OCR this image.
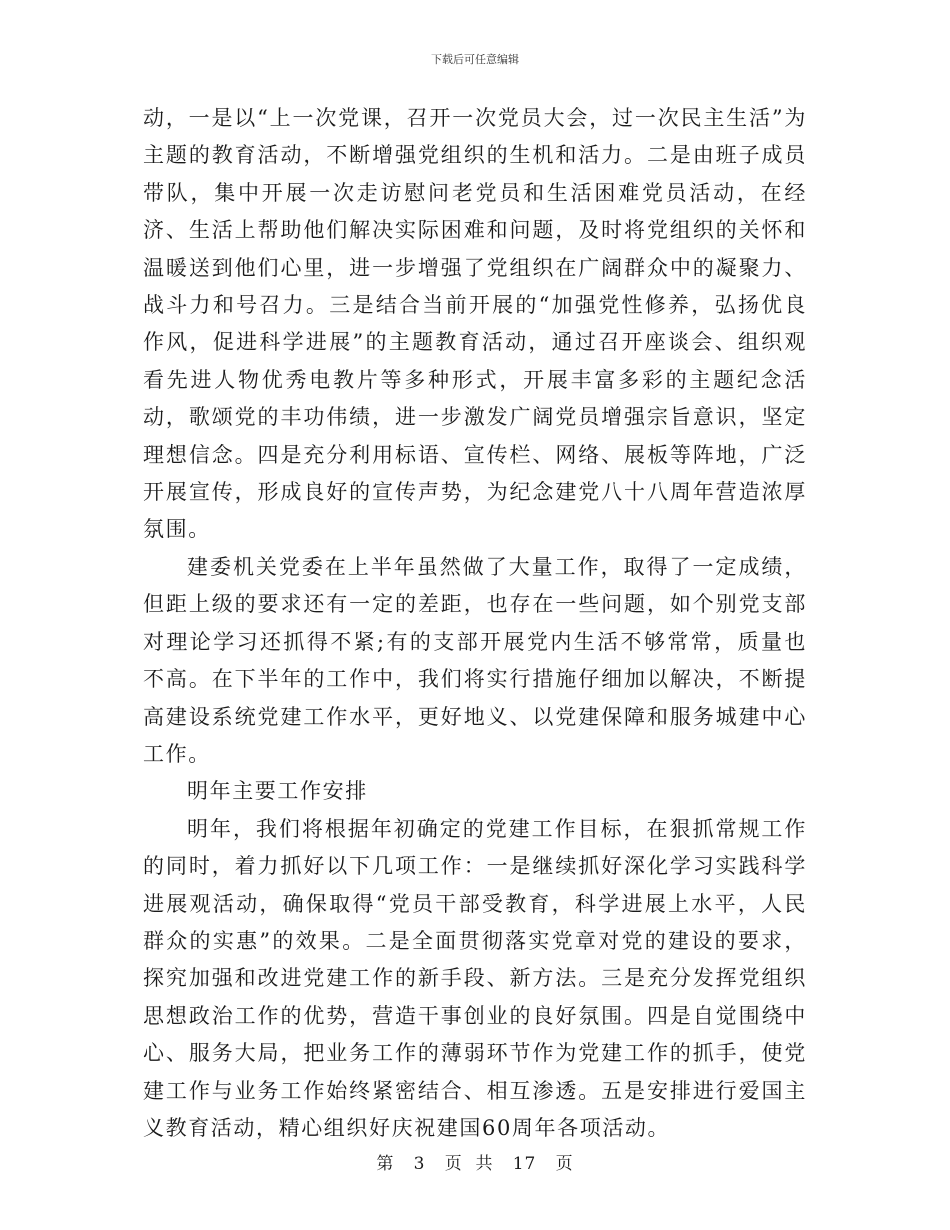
下载后可任意编辑

动，一是以“上一次党课，召开一次党员大会，过一次民主生活”为主题的教育活动，不断增强党组织的生机和活力。二是由班子成员带队，集中开展一次走访慰问老党员和生活困难党员活动，在经济、生活上帮助他们解决实际困难和问题，及时将党组织的关怀和温暖送到他们心里，进一步增强了党组织在广阔群众中的凝聚力、战斗力和号召力。三是结合当前开展的“加强党性修养，弘扬优良作风，促进科学进展”的主题教育活动，通过召开座谈会、组织观看先进人物优秀电教片等多种形式，开展丰富多彩的主题纪念活动，歌颂党的丰功伟绩，进一步激发广阔党员增强宗旨意识，坚定理想信念。四是充分利用标语、宣传栏、网络、展板等阵地，广泛开展宣传，形成良好的宣传声势，为纪念建党八十八周年营造浓厚氛围。

建委机关党委在上半年虽然做了大量工作，取得了一定成绩，但距上级的要求还有一定的差距，也存在一些问题，如个别党支部对理论学习还抓得不紧;有的支部开展党内生活不够常常，质量也不高。在下半年的工作中，我们将实行措施仔细加以解决，不断提高建设系统党建工作水平，更好地义、以党建保障和服务城建中心工作。

明年主要工作安排

明年，我们将根据年初确定的党建工作目标，在狠抓常规工作的同时，着力抓好以下几项工作：一是继续抓好深化学习实践科学进展观活动，确保取得“党员干部受教育，科学进展上水平，人民群众的实惠”的效果。二是全面贯彻落实党章对党的建设的要求，探究加强和改进党建工作的新手段、新方法。三是充分发挥党组织思想政治工作的优势，营造干事创业的良好氛围。四是自觉围绕中心、服务大局，把业务工作的薄弱环节作为党建工作的抓手，使党建工作与业务工作始终紧密结合、相互渗透。五是安排进行爱国主义教育活动，精心组织好庆祝建国60周年各项活动。

第 3 页  共 17 页
